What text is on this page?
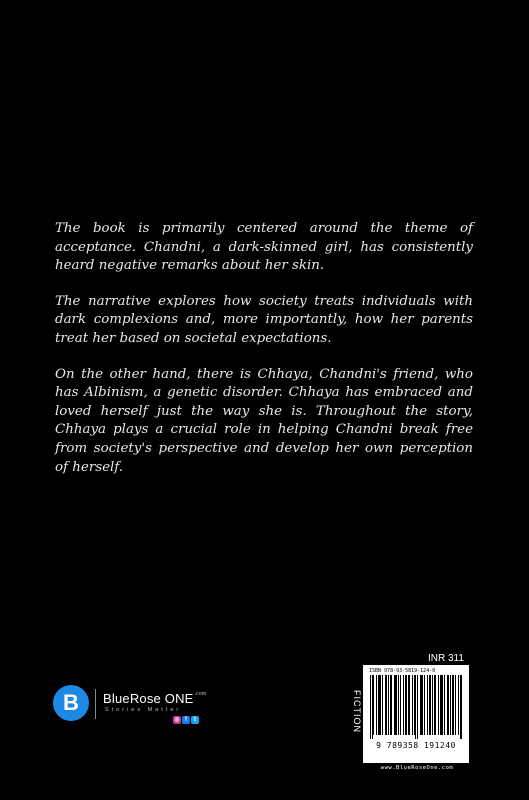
The book is primarily centered around the theme of acceptance. Chandni, a dark-skinned girl, has consistently heard negative remarks about her skin.

The narrative explores how society treats individuals with dark complexions and, more importantly, how her parents treat her based on societal expectations.

On the other hand, there is Chhaya, Chandni's friend, who has Albinism, a genetic disorder. Chhaya has embraced and loved herself just the way she is. Throughout the story, Chhaya plays a crucial role in helping Chandni break free from society's perspective and develop her own perception of herself.

INR 311
B	BlueRose $ONE^{.com}$
Stories Matter
◎ f	t	FICTION
ISBN 978-93-5819-124-0
9 789358 191240
www.BlueRoseOne.com
